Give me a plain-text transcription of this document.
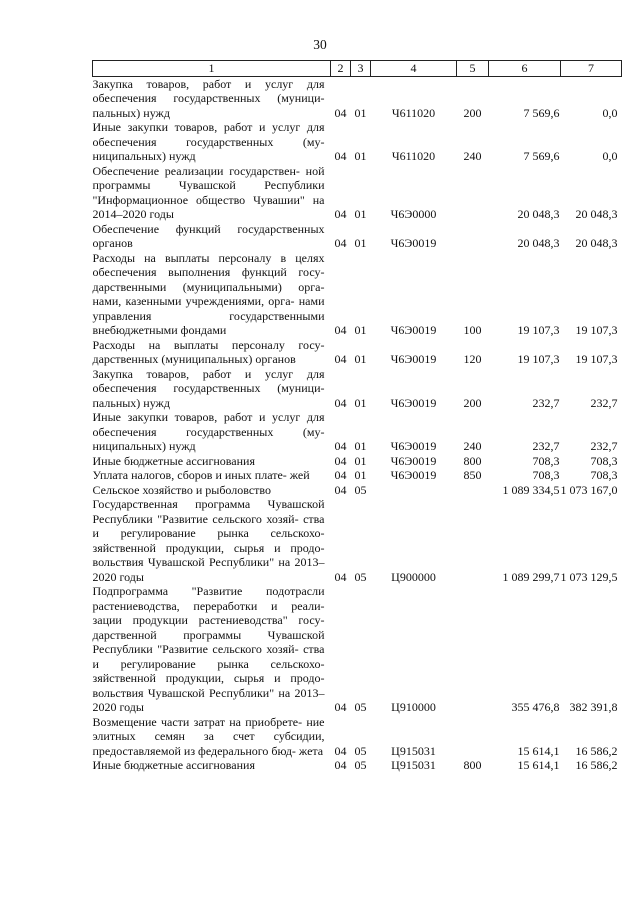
30
1	2	3	4	5	6	7
Закупка товаров, работ и услуг для обеспечения государственных (муници- пальных) нужд	04	01	Ч611020	200	7 569,6	0,0
Иные закупки товаров, работ и услуг для обеспечения государственных (му- ниципальных) нужд	04	01	Ч611020	240	7 569,6	0,0
Обеспечение реализации государствен- ной программы Чувашской Республики "Информационное общество Чувашии" на 2014–2020 годы	04	01	Ч6Э0000		20 048,3	20 048,3
Обеспечение функций государственных органов	04	01	Ч6Э0019		20 048,3	20 048,3
Расходы на выплаты персоналу в целях обеспечения выполнения функций госу- дарственными (муниципальными) орга- нами, казенными учреждениями, орга- нами управления государственными внебюджетными фондами	04	01	Ч6Э0019	100	19 107,3	19 107,3
Расходы на выплаты персоналу госу- дарственных (муниципальных) органов	04	01	Ч6Э0019	120	19 107,3	19 107,3
Закупка товаров, работ и услуг для обеспечения государственных (муници- пальных) нужд	04	01	Ч6Э0019	200	232,7	232,7
Иные закупки товаров, работ и услуг для обеспечения государственных (му- ниципальных) нужд	04	01	Ч6Э0019	240	232,7	232,7
Иные бюджетные ассигнования	04	01	Ч6Э0019	800	708,3	708,3
Уплата налогов, сборов и иных плате- жей	04	01	Ч6Э0019	850	708,3	708,3
Сельское хозяйство и рыболовство	04	05			1 089 334,5	1 073 167,0
Государственная программа Чувашской Республики "Развитие сельского хозяй- ства и регулирование рынка сельскохо- зяйственной продукции, сырья и продо- вольствия Чувашской Республики" на 2013–2020 годы	04	05	Ц900000		1 089 299,7	1 073 129,5
Подпрограмма "Развитие подотрасли растениеводства, переработки и реали- зации продукции растениеводства" госу- дарственной программы Чувашской Республики "Развитие сельского хозяй- ства и регулирование рынка сельскохо- зяйственной продукции, сырья и продо- вольствия Чувашской Республики" на 2013–2020 годы	04	05	Ц910000		355 476,8	382 391,8
Возмещение части затрат на приобрете- ние элитных семян за счет субсидии, предоставляемой из федерального бюд- жета	04	05	Ц915031		15 614,1	16 586,2
Иные бюджетные ассигнования	04	05	Ц915031	800	15 614,1	16 586,2
